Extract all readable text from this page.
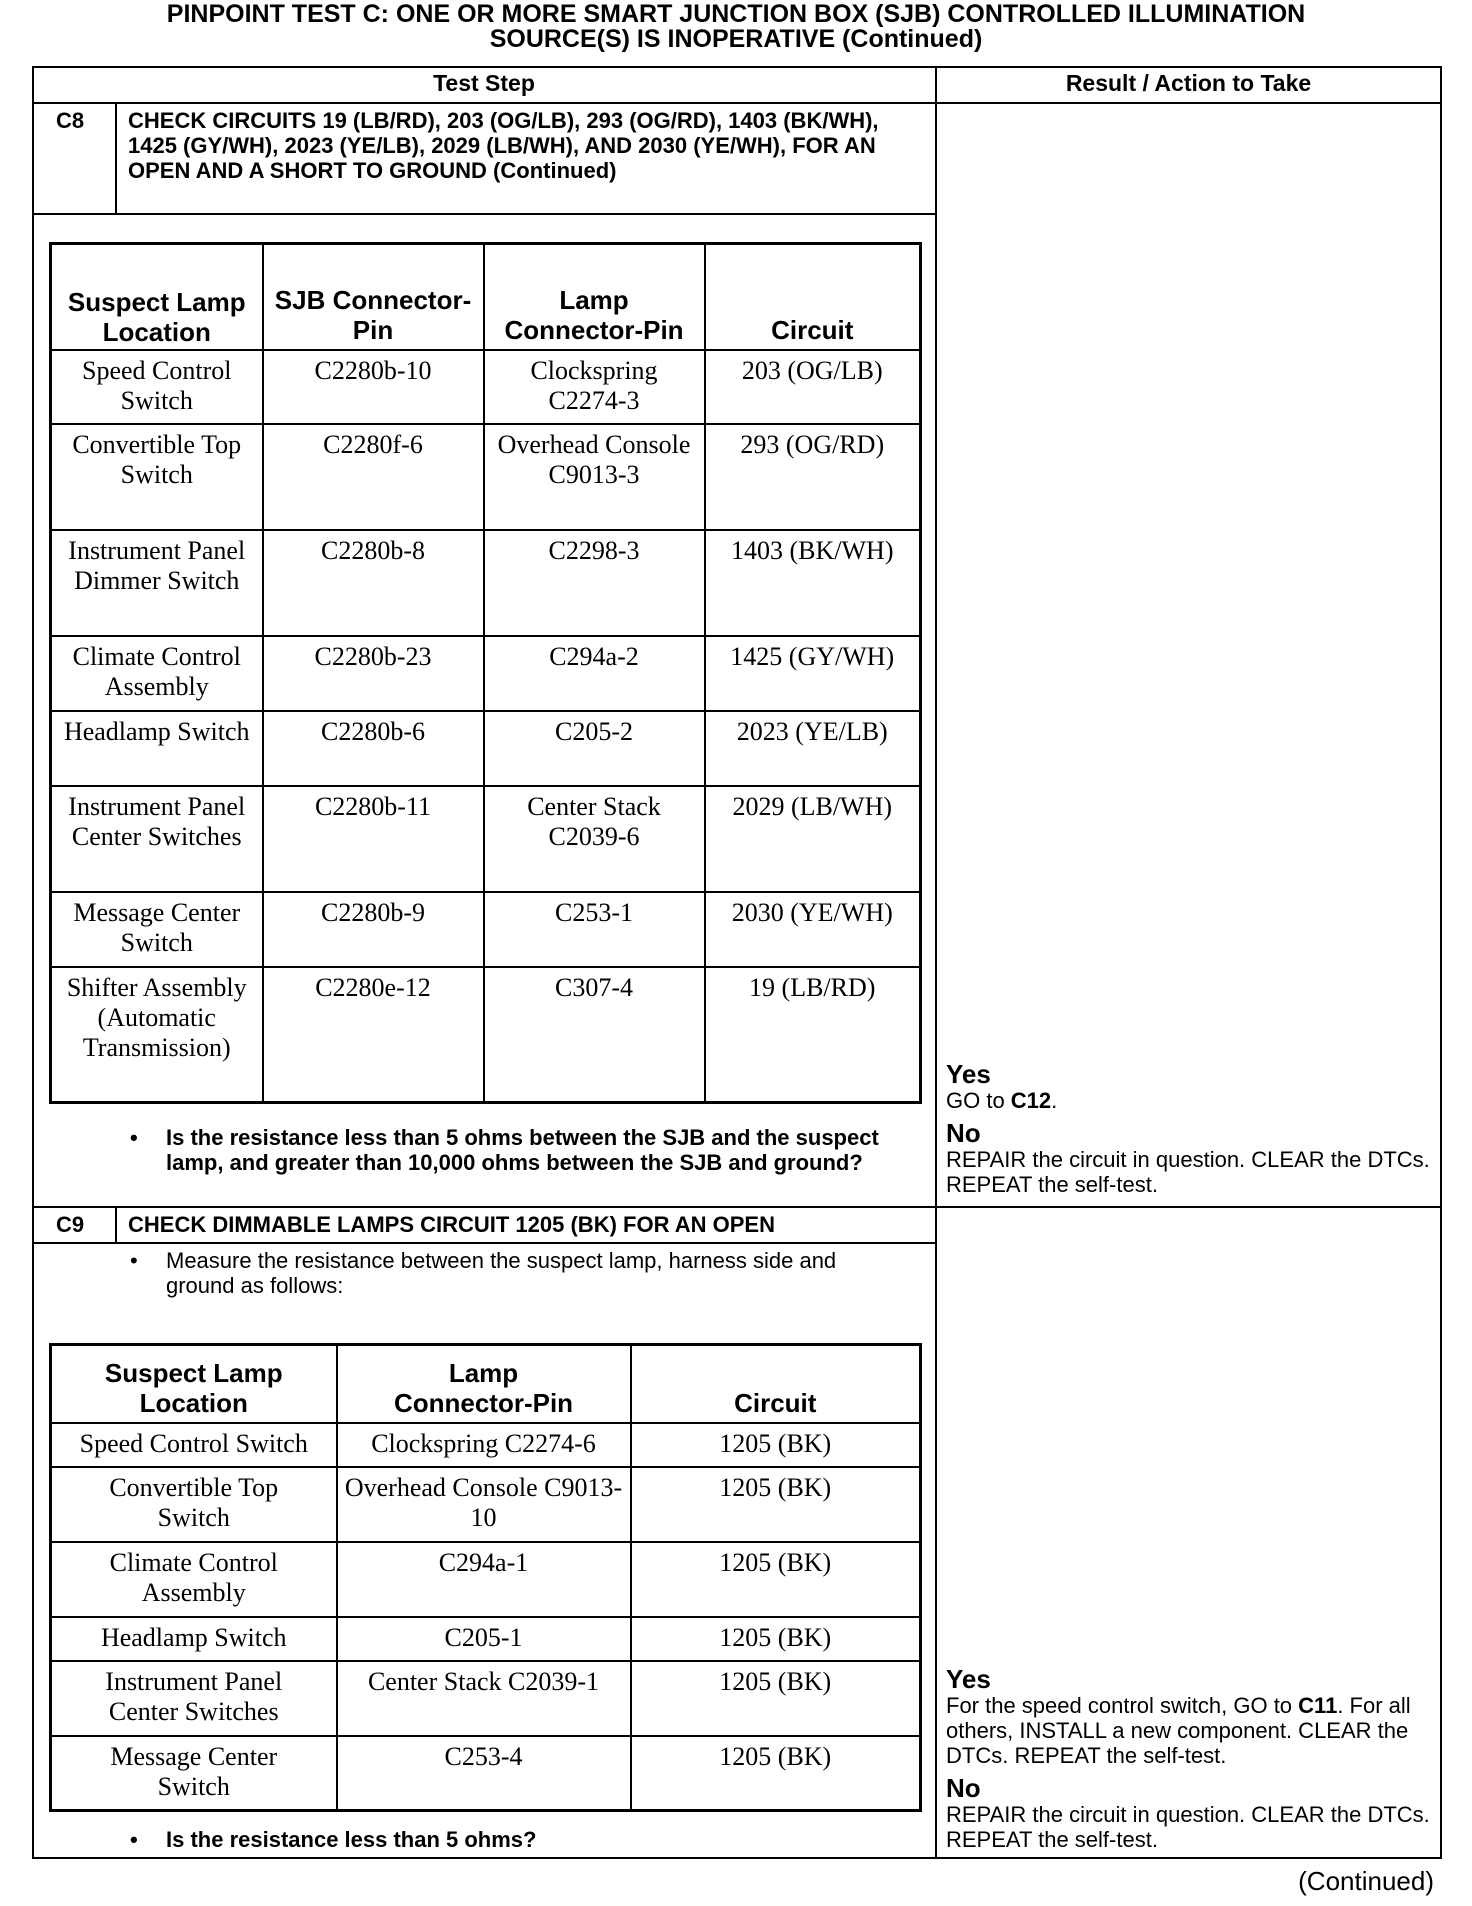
PINPOINT TEST C: ONE OR MORE SMART JUNCTION BOX (SJB) CONTROLLED ILLUMINATION
SOURCE(S) IS INOPERATIVE (Continued)
Test Step	Result / Action to Take
C8 CHECK CIRCUITS 19 (LB/RD), 203 (OG/LB), 293 (OG/RD), 1403 (BK/WH), 1425 (GY/WH), 2023 (YE/LB), 2029 (LB/WH), AND 2030 (YE/WH), FOR AN OPEN AND A SHORT TO GROUND (Continued)
Suspect Lamp Location	SJB Connector-Pin	Lamp Connector-Pin	Circuit
Speed Control Switch	C2280b-10	Clockspring C2274-3	203 (OG/LB)
Convertible Top Switch	C2280f-6	Overhead Console C9013-3	293 (OG/RD)
Instrument Panel Dimmer Switch	C2280b-8	C2298-3	1403 (BK/WH)
Climate Control Assembly	C2280b-23	C294a-2	1425 (GY/WH)
Headlamp Switch	C2280b-6	C205-2	2023 (YE/LB)
Instrument Panel Center Switches	C2280b-11	Center Stack C2039-6	2029 (LB/WH)
Message Center Switch	C2280b-9	C253-1	2030 (YE/WH)
Shifter Assembly (Automatic Transmission)	C2280e-12	C307-4	19 (LB/RD)
• Is the resistance less than 5 ohms between the SJB and the suspect lamp, and greater than 10,000 ohms between the SJB and ground?
Yes
GO to C12.
No
REPAIR the circuit in question. CLEAR the DTCs. REPEAT the self-test.
C9 CHECK DIMMABLE LAMPS CIRCUIT 1205 (BK) FOR AN OPEN
• Measure the resistance between the suspect lamp, harness side and ground as follows:
Suspect Lamp Location	Lamp Connector-Pin	Circuit
Speed Control Switch	Clockspring C2274-6	1205 (BK)
Convertible Top Switch	Overhead Console C9013-10	1205 (BK)
Climate Control Assembly	C294a-1	1205 (BK)
Headlamp Switch	C205-1	1205 (BK)
Instrument Panel Center Switches	Center Stack C2039-1	1205 (BK)
Message Center Switch	C253-4	1205 (BK)
• Is the resistance less than 5 ohms?
Yes
For the speed control switch, GO to C11. For all others, INSTALL a new component. CLEAR the DTCs. REPEAT the self-test.
No
REPAIR the circuit in question. CLEAR the DTCs. REPEAT the self-test.
(Continued)
